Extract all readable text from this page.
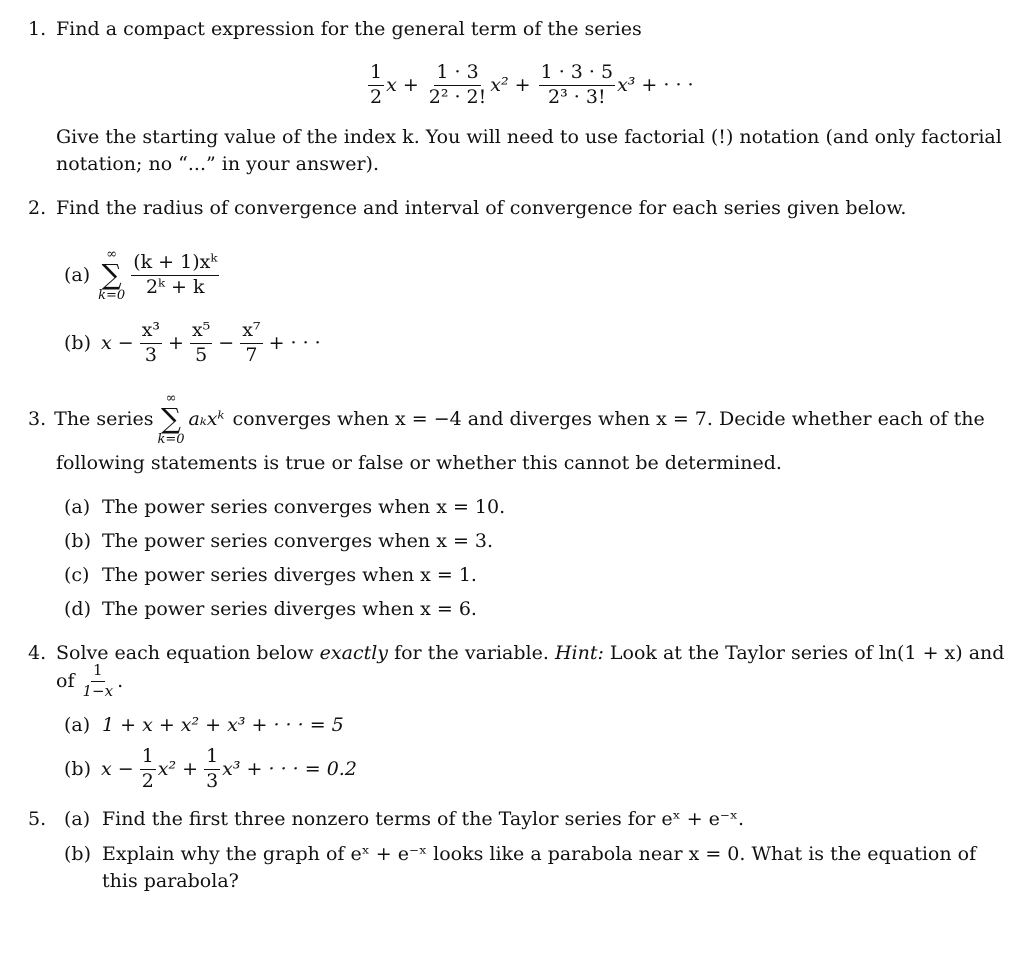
1. Find a compact expression for the general term of the series
$\frac{1}{2}$ $x + \frac{1 \cdot 3}{\text{2² · 2!}} x^2 + \frac{1 \cdot 3 \cdot 5}{\text{2³ · 3!}} x^3$ + · · ·
Give the starting value of the index k. You will need to use factorial (!) notation (and only factorial
notation; no “...” in your answer).
2. Find the radius of convergence and interval of convergence for each series given below.
(a)
∞
∑
$k=0 \frac{\text{(k + 1)xᵏ}}{\text{2ᵏ + k}}$
(b) $x - \frac{\text{x³}}{3} + \frac{\text{x⁵}}{5} - \frac{\text{x⁷}}{7}$ + · · ·
3. The series
∞
∑
k=0
aₖxᵏ converges when x = −4 and diverges when x = 7. Decide whether each of the
following statements is true or false or whether this cannot be determined.
(a) The power series converges when x = 10.
(b) The power series converges when x = 3.
(c) The power series diverges when x = 1.
(d) The power series diverges when x = 6.
4. Solve each equation below exactly for the variable. Hint: Look at the Taylor series of ln(1 + x) and
of $\frac{1}{1-x}$ .
(a) 1 + x + x² + x³ + · · · = 5
(b) $x - \frac{1}{2} x^2 + \frac{1}{3} x^3$ + · · · = 0.2
5. (a) Find the first three nonzero terms of the Taylor series for eˣ + e⁻ˣ.
(b) Explain why the graph of eˣ + e⁻ˣ looks like a parabola near x = 0. What is the equation of
this parabola?
